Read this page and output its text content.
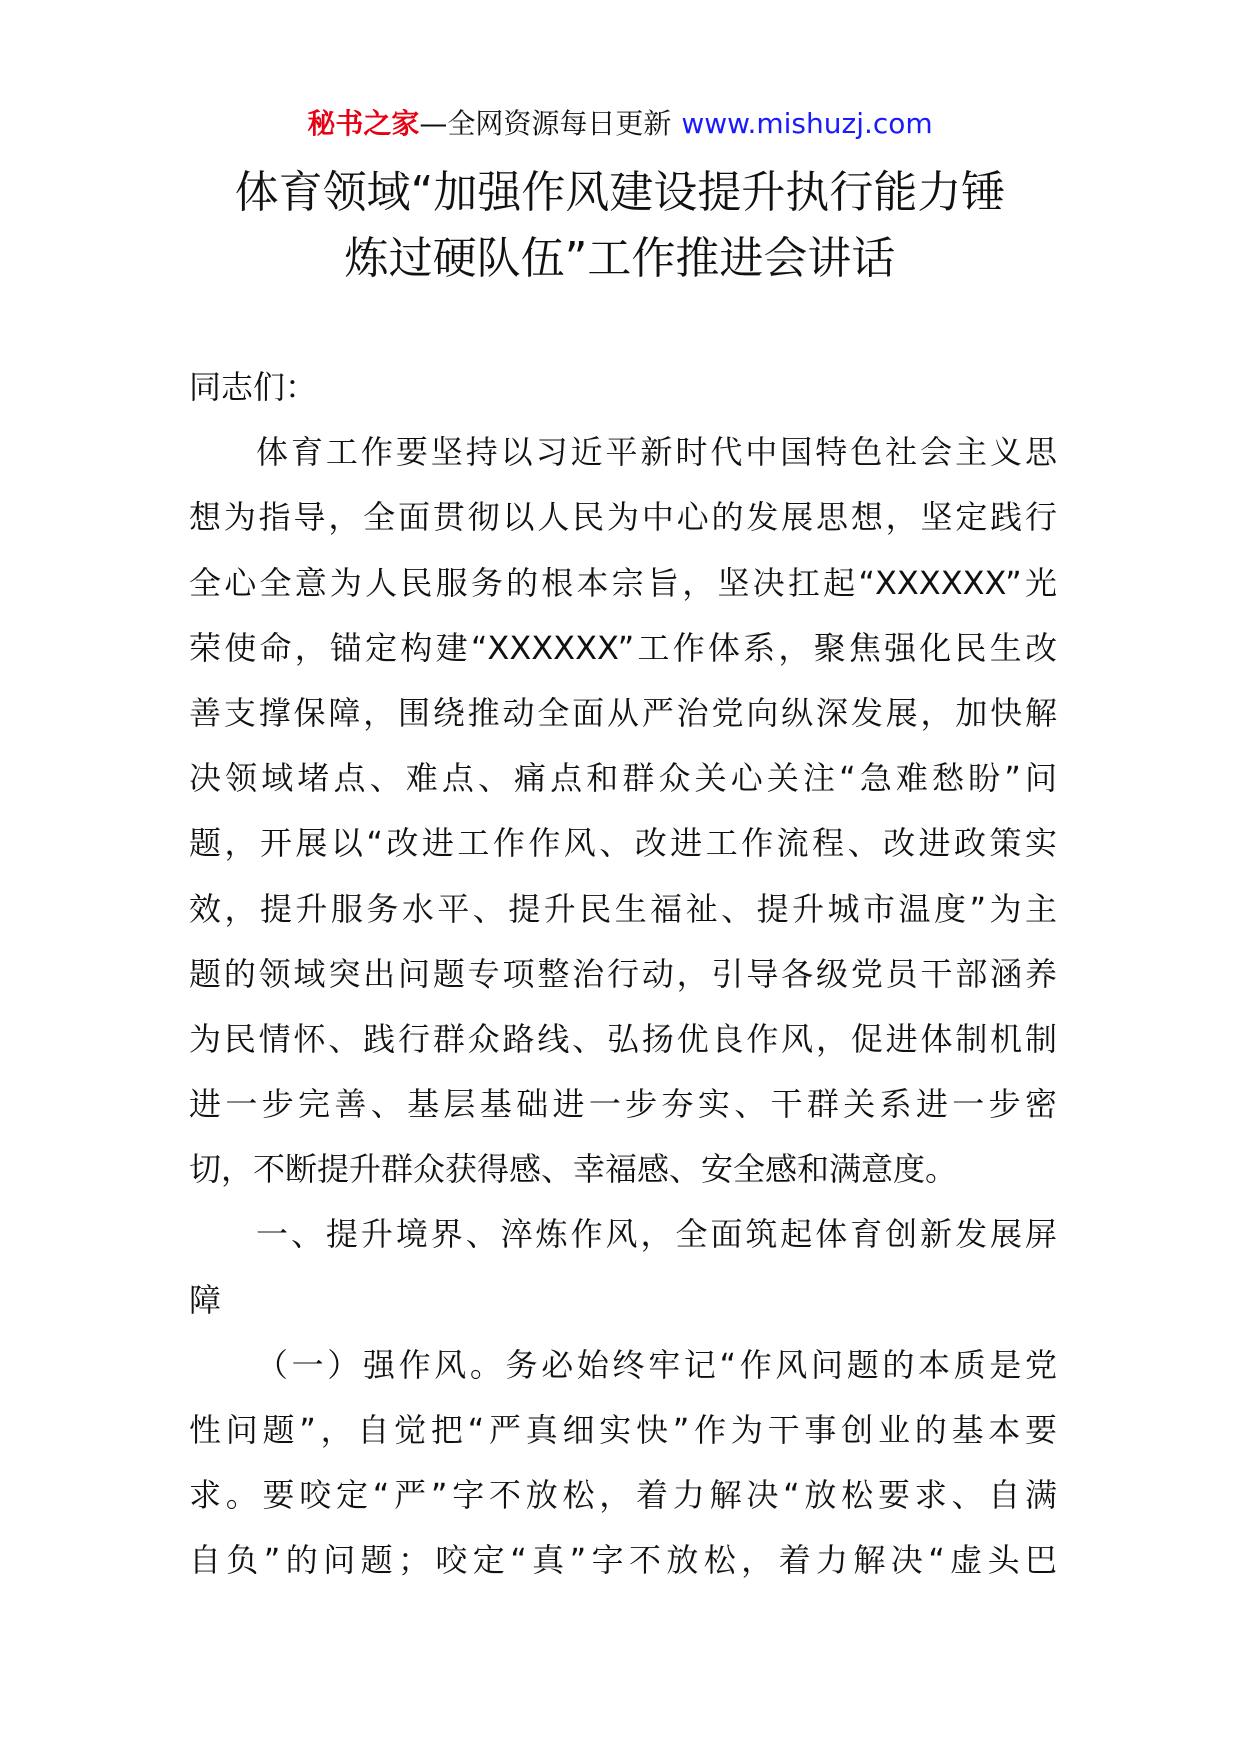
秘书之家—全网资源每日更新 www.mishuzj.com
体育领域“加强作风建设提升执行能力锤
炼过硬队伍”工作推进会讲话
同志们：
体育工作要坚持以习近平新时代中国特色社会主义思
想为指导，全面贯彻以人民为中心的发展思想，坚定践行
全心全意为人民服务的根本宗旨，坚决扛起“XXXXXX”光
荣使命，锚定构建“XXXXXX”工作体系，聚焦强化民生改
善支撑保障，围绕推动全面从严治党向纵深发展，加快解
决领域堵点、难点、痛点和群众关心关注“急难愁盼”问
题，开展以“改进工作作风、改进工作流程、改进政策实
效，提升服务水平、提升民生福祉、提升城市温度”为主
题的领域突出问题专项整治行动，引导各级党员干部涵养
为民情怀、践行群众路线、弘扬优良作风，促进体制机制
进一步完善、基层基础进一步夯实、干群关系进一步密
切，不断提升群众获得感、幸福感、安全感和满意度。
一、提升境界、淬炼作风，全面筑起体育创新发展屏
障
（一）强作风。务必始终牢记“作风问题的本质是党
性问题”，自觉把“严真细实快”作为干事创业的基本要
求。要咬定“严”字不放松，着力解决“放松要求、自满
自负”的问题；咬定“真”字不放松，着力解决“虚头巴
